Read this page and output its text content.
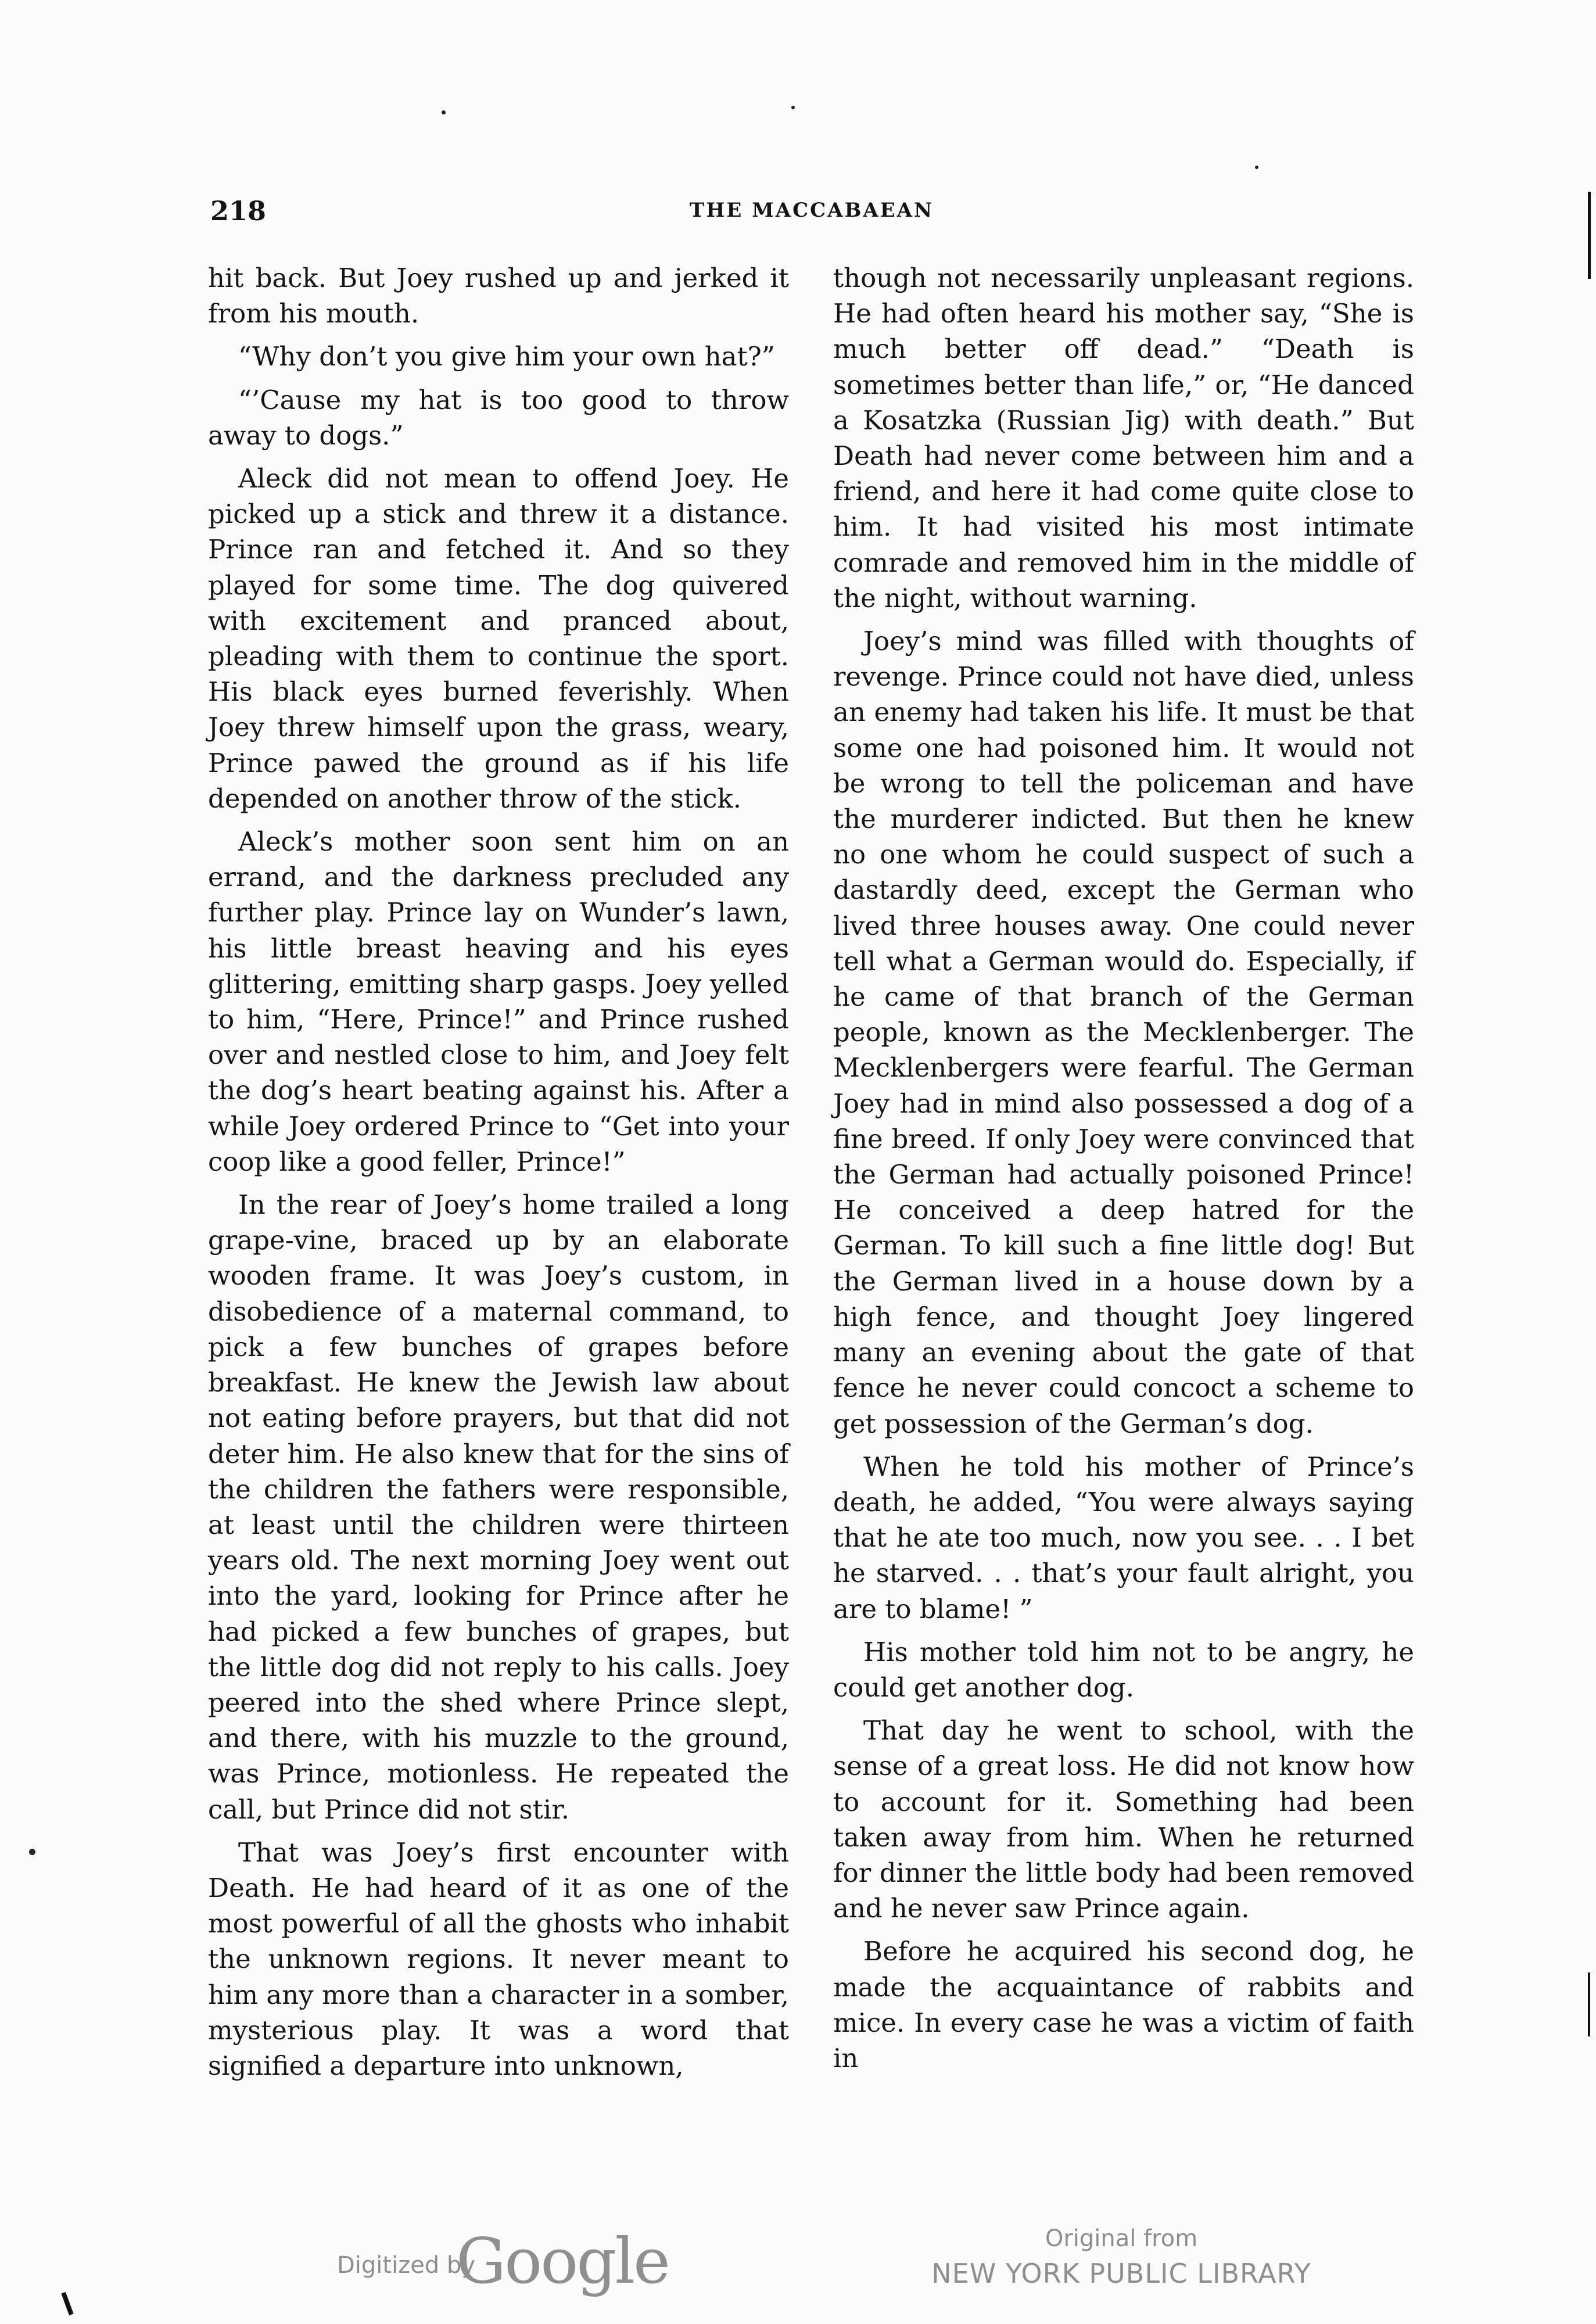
218	THE MACCABAEAN

hit back. But Joey rushed up and jerked it from his mouth.

“Why don’t you give him your own hat?”

“’Cause my hat is too good to throw away to dogs.”

Aleck did not mean to offend Joey. He picked up a stick and threw it a distance. Prince ran and fetched it. And so they played for some time. The dog quivered with excitement and pranced about, pleading with them to continue the sport. His black eyes burned feverishly. When Joey threw himself upon the grass, weary, Prince pawed the ground as if his life depended on another throw of the stick.

Aleck’s mother soon sent him on an errand, and the darkness precluded any further play. Prince lay on Wunder’s lawn, his little breast heaving and his eyes glittering, emitting sharp gasps. Joey yelled to him, “Here, Prince!” and Prince rushed over and nestled close to him, and Joey felt the dog’s heart beating against his. After a while Joey ordered Prince to “Get into your coop like a good feller, Prince!”

In the rear of Joey’s home trailed a long grape-vine, braced up by an elaborate wooden frame. It was Joey’s custom, in disobedience of a maternal command, to pick a few bunches of grapes before breakfast. He knew the Jewish law about not eating before prayers, but that did not deter him. He also knew that for the sins of the children the fathers were responsible, at least until the children were thirteen years old. The next morning Joey went out into the yard, looking for Prince after he had picked a few bunches of grapes, but the little dog did not reply to his calls. Joey peered into the shed where Prince slept, and there, with his muzzle to the ground, was Prince, motionless. He repeated the call, but Prince did not stir.

That was Joey’s first encounter with Death. He had heard of it as one of the most powerful of all the ghosts who inhabit the unknown regions. It never meant to him any more than a character in a somber, mysterious play. It was a word that signified a departure into unknown,

though not necessarily unpleasant regions. He had often heard his mother say, “She is much better off dead.” “Death is sometimes better than life,” or, “He danced a Kosatzka (Russian Jig) with death.” But Death had never come between him and a friend, and here it had come quite close to him. It had visited his most intimate comrade and removed him in the middle of the night, without warning.

Joey’s mind was filled with thoughts of revenge. Prince could not have died, unless an enemy had taken his life. It must be that some one had poisoned him. It would not be wrong to tell the policeman and have the murderer indicted. But then he knew no one whom he could suspect of such a dastardly deed, except the German who lived three houses away. One could never tell what a German would do. Especially, if he came of that branch of the German people, known as the Mecklenberger. The Mecklenbergers were fearful. The German Joey had in mind also possessed a dog of a fine breed. If only Joey were convinced that the German had actually poisoned Prince! He conceived a deep hatred for the German. To kill such a fine little dog! But the German lived in a house down by a high fence, and thought Joey lingered many an evening about the gate of that fence he never could concoct a scheme to get possession of the German’s dog.

When he told his mother of Prince’s death, he added, “You were always saying that he ate too much, now you see. . . I bet he starved. . . that’s your fault alright, you are to blame! ”

His mother told him not to be angry, he could get another dog.

That day he went to school, with the sense of a great loss. He did not know how to account for it. Something had been taken away from him. When he returned for dinner the little body had been removed and he never saw Prince again.

Before he acquired his second dog, he made the acquaintance of rabbits and mice. In every case he was a victim of faith in

Digitized by
Google	Original from
NEW YORK PUBLIC LIBRARY
